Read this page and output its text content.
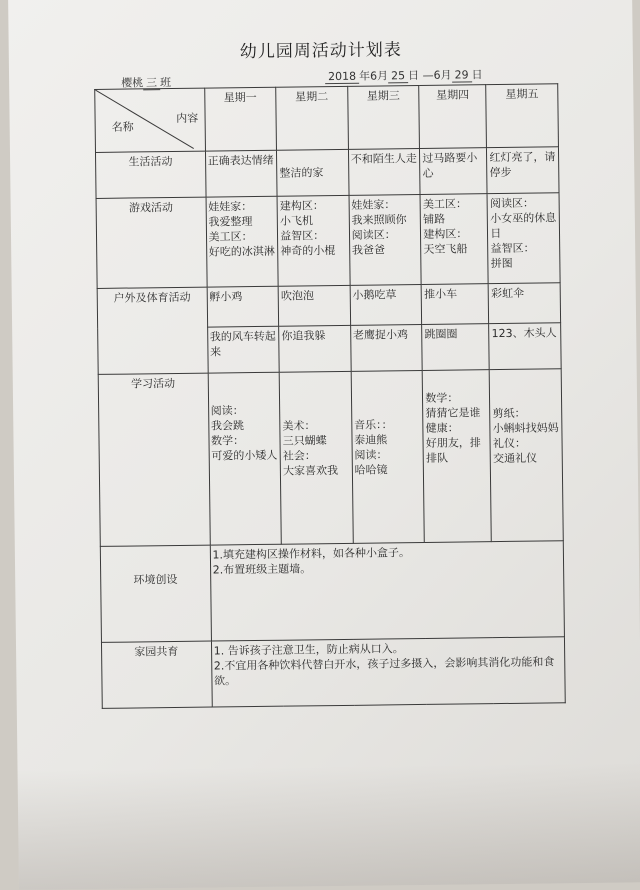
幼儿园周活动计划表
樱桃 三 班	2018 年6月 25 日 —6月 29 日
内容
名称	星期一	星期二	星期三	星期四	星期五
生活活动	正确表达情绪	整洁的家	不和陌生人走	过马路要小心	红灯亮了，请停步
游戏活动	娃娃家：
我爱整理
美工区：
好吃的冰淇淋	建构区：
小飞机
益智区：
神奇的小棍	娃娃家：
我来照顾你
阅读区：
我爸爸	美工区：
铺路
建构区：
天空飞船	阅读区：
小女巫的休息日
益智区：
拼图
户外及体育活动	孵小鸡	吹泡泡	小鹅吃草	推小车	彩虹伞
	我的风车转起来	你追我躲	老鹰捉小鸡	跳圈圈	123、木头人
学习活动	阅读：
我会跳
数学：
可爱的小矮人	美术：
三只蝴蝶
社会：
大家喜欢我	音乐：：
泰迪熊
阅读：
哈哈镜	数学：
猜猜它是谁
健康：
好朋友，排排队	剪纸：
小蝌蚪找妈妈
礼仪：
交通礼仪
环境创设	1.填充建构区操作材料，如各种小盒子。
2.布置班级主题墙。				
家园共育	1. 告诉孩子注意卫生，防止病从口入。
2.不宜用各种饮料代替白开水，孩子过多摄入，会影响其消化功能和食欲。				
